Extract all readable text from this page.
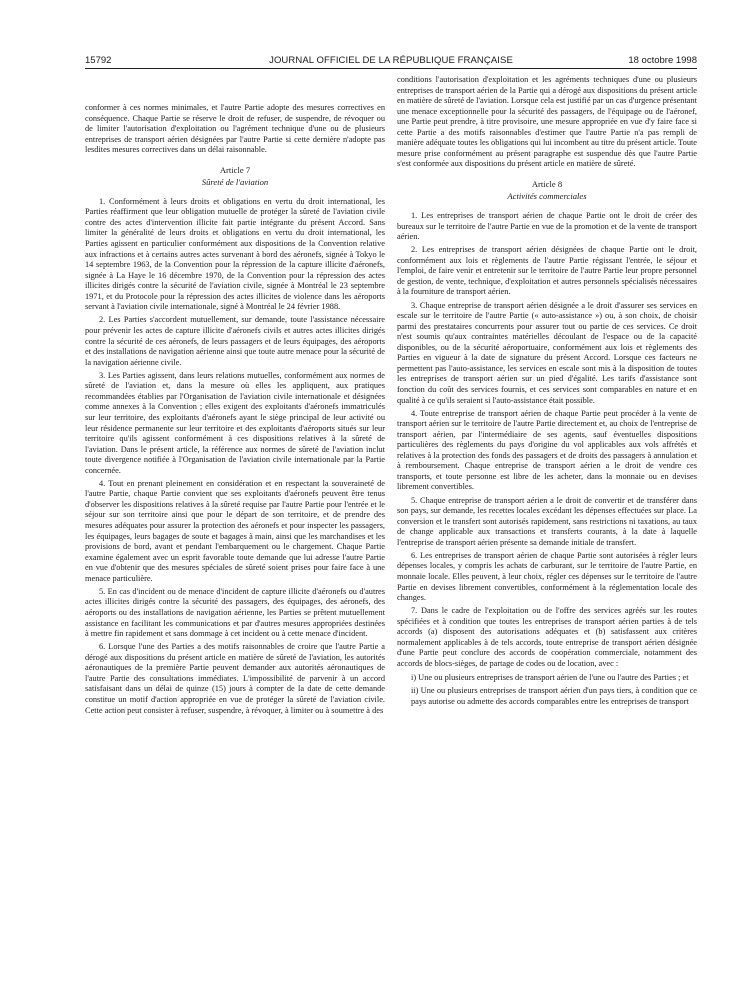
15792	JOURNAL OFFICIEL DE LA RÉPUBLIQUE FRANÇAISE	18 octobre 1998

conformer à ces normes minimales, et l'autre Partie adopte des mesures correctives en conséquence. Chaque Partie se réserve le droit de refuser, de suspendre, de révoquer ou de limiter l'autorisation d'exploitation ou l'agrément technique d'une ou de plusieurs entreprises de transport aérien désignées par l'autre Partie si cette dernière n'adopte pas lesdites mesures correctives dans un délai raisonnable.

Article 7
Sûreté de l'aviation

1. Conformément à leurs droits et obligations en vertu du droit international, les Parties réaffirment que leur obligation mutuelle de protéger la sûreté de l'aviation civile contre des actes d'intervention illicite fait partie intégrante du présent Accord. Sans limiter la généralité de leurs droits et obligations en vertu du droit international, les Parties agissent en particulier conformément aux dispositions de la Convention relative aux infractions et à certains autres actes survenant à bord des aéronefs, signée à Tokyo le 14 septembre 1963, de la Convention pour la répression de la capture illicite d'aéronefs, signée à La Haye le 16 décembre 1970, de la Convention pour la répression des actes illicites dirigés contre la sécurité de l'aviation civile, signée à Montréal le 23 septembre 1971, et du Protocole pour la répression des actes illicites de violence dans les aéroports servant à l'aviation civile internationale, signé à Montréal le 24 février 1988.

2. Les Parties s'accordent mutuellement, sur demande, toute l'assistance nécessaire pour prévenir les actes de capture illicite d'aéronefs civils et autres actes illicites dirigés contre la sécurité de ces aéronefs, de leurs passagers et de leurs équipages, des aéroports et des installations de navigation aérienne ainsi que toute autre menace pour la sécurité de la navigation aérienne civile.

3. Les Parties agissent, dans leurs relations mutuelles, conformément aux normes de sûreté de l'aviation et, dans la mesure où elles les appliquent, aux pratiques recommandées établies par l'Organisation de l'aviation civile internationale et désignées comme annexes à la Convention ; elles exigent des exploitants d'aéronefs immatriculés sur leur territoire, des exploitants d'aéronefs ayant le siège principal de leur activité ou leur résidence permanente sur leur territoire et des exploitants d'aéroports situés sur leur territoire qu'ils agissent conformément à ces dispositions relatives à la sûreté de l'aviation. Dans le présent article, la référence aux normes de sûreté de l'aviation inclut toute divergence notifiée à l'Organisation de l'aviation civile internationale par la Partie concernée.

4. Tout en prenant pleinement en considération et en respectant la souveraineté de l'autre Partie, chaque Partie convient que ses exploitants d'aéronefs peuvent être tenus d'observer les dispositions relatives à la sûreté requise par l'autre Partie pour l'entrée et le séjour sur son territoire ainsi que pour le départ de son territoire, et de prendre des mesures adéquates pour assurer la protection des aéronefs et pour inspecter les passagers, les équipages, leurs bagages de soute et bagages à main, ainsi que les marchandises et les provisions de bord, avant et pendant l'embarquement ou le chargement. Chaque Partie examine également avec un esprit favorable toute demande que lui adresse l'autre Partie en vue d'obtenir que des mesures spéciales de sûreté soient prises pour faire face à une menace particulière.

5. En cas d'incident ou de menace d'incident de capture illicite d'aéronefs ou d'autres actes illicites dirigés contre la sécurité des passagers, des équipages, des aéronefs, des aéroports ou des installations de navigation aérienne, les Parties se prêtent mutuellement assistance en facilitant les communications et par d'autres mesures appropriées destinées à mettre fin rapidement et sans dommage à cet incident ou à cette menace d'incident.

6. Lorsque l'une des Parties a des motifs raisonnables de croire que l'autre Partie a dérogé aux dispositions du présent article en matière de sûreté de l'aviation, les autorités aéronautiques de la première Partie peuvent demander aux autorités aéronautiques de l'autre Partie des consultations immédiates. L'impossibilité de parvenir à un accord satisfaisant dans un délai de quinze (15) jours à compter de la date de cette demande constitue un motif d'action appropriée en vue de protéger la sûreté de l'aviation civile. Cette action peut consister à refuser, suspendre, à révoquer, à limiter ou à soumettre à des

conditions l'autorisation d'exploitation et les agréments techniques d'une ou plusieurs entreprises de transport aérien de la Partie qui a dérogé aux dispositions du présent article en matière de sûreté de l'aviation. Lorsque cela est justifié par un cas d'urgence présentant une menace exceptionnelle pour la sécurité des passagers, de l'équipage ou de l'aéronef, une Partie peut prendre, à titre provisoire, une mesure appropriée en vue d'y faire face si cette Partie a des motifs raisonnables d'estimer que l'autre Partie n'a pas rempli de manière adéquate toutes les obligations qui lui incombent au titre du présent article. Toute mesure prise conformément au présent paragraphe est suspendue dès que l'autre Partie s'est conformée aux dispositions du présent article en matière de sûreté.

Article 8
Activités commerciales

1. Les entreprises de transport aérien de chaque Partie ont le droit de créer des bureaux sur le territoire de l'autre Partie en vue de la promotion et de la vente de transport aérien.

2. Les entreprises de transport aérien désignées de chaque Partie ont le droit, conformément aux lois et règlements de l'autre Partie régissant l'entrée, le séjour et l'emploi, de faire venir et entretenir sur le territoire de l'autre Partie leur propre personnel de gestion, de vente, technique, d'exploitation et autres personnels spécialisés nécessaires à la fourniture de transport aérien.

3. Chaque entreprise de transport aérien désignée a le droit d'assurer ses services en escale sur le territoire de l'autre Partie (« auto-assistance ») ou, à son choix, de choisir parmi des prestataires concurrents pour assurer tout ou partie de ces services. Ce droit n'est soumis qu'aux contraintes matérielles découlant de l'espace ou de la capacité disponibles, ou de la sécurité aéroportuaire, conformément aux lois et règlements des Parties en vigueur à la date de signature du présent Accord. Lorsque ces facteurs ne permettent pas l'auto-assistance, les services en escale sont mis à la disposition de toutes les entreprises de transport aérien sur un pied d'égalité. Les tarifs d'assistance sont fonction du coût des services fournis, et ces services sont comparables en nature et en qualité à ce qu'ils seraient si l'auto-assistance était possible.

4. Toute entreprise de transport aérien de chaque Partie peut procéder à la vente de transport aérien sur le territoire de l'autre Partie directement et, au choix de l'entreprise de transport aérien, par l'intermédiaire de ses agents, sauf éventuelles dispositions particulières des règlements du pays d'origine du vol applicables aux vols affrétés et relatives à la protection des fonds des passagers et de droits des passagers à annulation et à remboursement. Chaque entreprise de transport aérien a le droit de vendre ces transports, et toute personne est libre de les acheter, dans la monnaie ou en devises librement convertibles.

5. Chaque entreprise de transport aérien a le droit de convertir et de transférer dans son pays, sur demande, les recettes locales excédant les dépenses effectuées sur place. La conversion et le transfert sont autorisés rapidement, sans restrictions ni taxations, au taux de change applicable aux transactions et transferts courants, à la date à laquelle l'entreprise de transport aérien présente sa demande initiale de transfert.

6. Les entreprises de transport aérien de chaque Partie sont autorisées à régler leurs dépenses locales, y compris les achats de carburant, sur le territoire de l'autre Partie, en monnaie locale. Elles peuvent, à leur choix, régler ces dépenses sur le territoire de l'autre Partie en devises librement convertibles, conformément à la réglementation locale des changes.

7. Dans le cadre de l'exploitation ou de l'offre des services agréés sur les routes spécifiées et à condition que toutes les entreprises de transport aérien parties à de tels accords (a) disposent des autorisations adéquates et (b) satisfassent aux critères normalement applicables à de tels accords, toute entreprise de transport aérien désignée d'une Partie peut conclure des accords de coopération commerciale, notamment des accords de blocs-sièges, de partage de codes ou de location, avec :

i) Une ou plusieurs entreprises de transport aérien de l'une ou l'autre des Parties ; et

ii) Une ou plusieurs entreprises de transport aérien d'un pays tiers, à condition que ce pays autorise ou admette des accords comparables entre les entreprises de transport
